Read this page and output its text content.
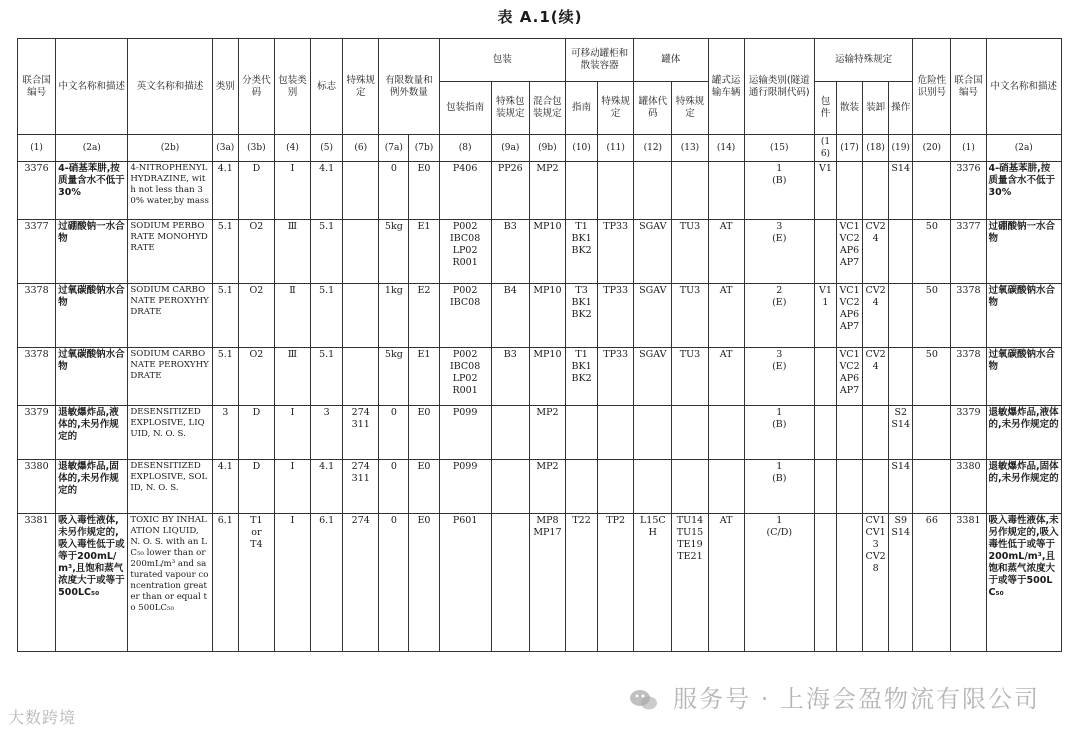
表 A.1(续)
联合国编号	中文名称和描述	英文名称和描述	类别	分类代码	包装类别	标志	特殊规定	有限数量和例外数量		包装			可移动罐柜和散装容器		罐体		罐式运输车辆	运输类别(隧道通行限制代码)	运输特殊规定				危险性识别号	联合国编号	中文名称和描述
										包装指南	特殊包装规定	混合包装规定	指南	特殊规定	罐体代码	特殊规定			包件	散装	装卸	操作			
(1)	(2a)	(2b)	(3a)	(3b)	(4)	(5)	(6)	(7a)	(7b)	(8)	(9a)	(9b)	(10)	(11)	(12)	(13)	(14)	(15)	(16)	(17)	(18)	(19)	(20)	(1)	(2a)
3376	4-硝基苯肼,按质量含水不低于30%	4-NITROPHENYLHYDRAZINE, with not less than 30% water,by mass	4.1	D	I	4.1		0	E0	P406	PP26	MP2						1
(B)	V1			S14		3376	4-硝基苯肼,按质量含水不低于30%
3377	过硼酸钠一水合物	SODIUM PERBORATE MONOHYDRATE	5.1	O2	Ⅲ	5.1		5kg	E1	P002
IBC08
LP02
R001	B3	MP10	T1
BK1
BK2	TP33	SGAV	TU3	AT	3
(E)		VC1
VC2
AP6
AP7	CV24		50	3377	过硼酸钠一水合物
3378	过氧碳酸钠水合物	SODIUM CARBONATE PEROXYHYDRATE	5.1	O2	Ⅱ	5.1		1kg	E2	P002
IBC08	B4	MP10	T3
BK1
BK2	TP33	SGAV	TU3	AT	2
(E)	V11	VC1
VC2
AP6
AP7	CV24		50	3378	过氧碳酸钠水合物
3378	过氧碳酸钠水合物	SODIUM CARBONATE PEROXYHYDRATE	5.1	O2	Ⅲ	5.1		5kg	E1	P002
IBC08
LP02
R001	B3	MP10	T1
BK1
BK2	TP33	SGAV	TU3	AT	3
(E)		VC1
VC2
AP6
AP7	CV24		50	3378	过氧碳酸钠水合物
3379	退敏爆炸品,液体的,未另作规定的	DESENSITIZED EXPLOSIVE, LIQUID, N. O. S.	3	D	I	3	274
311	0	E0	P099		MP2						1
(B)				S2
S14		3379	退敏爆炸品,液体的,未另作规定的
3380	退敏爆炸品,固体的,未另作规定的	DESENSITIZED EXPLOSIVE, SOLID, N. O. S.	4.1	D	I	4.1	274
311	0	E0	P099		MP2						1
(B)				S14		3380	退敏爆炸品,固体的,未另作规定的
3381	吸入毒性液体,未另作规定的,吸入毒性低于或等于200mL/m³,且饱和蒸气浓度大于或等于500LC₅₀	TOXIC BY INHALATION LIQUID, N. O. S. with an LC₅₀ lower than or 200mL/m³ and saturated vapour concentration greater than or equal to 500LC₅₀	6.1	T1
or
T4	I	6.1	274	0	E0	P601		MP8
MP17	T22	TP2	L15CH	TU14
TU15
TE19
TE21	AT	1
(C/D)			CV1
CV13
CV28	S9
S14	66	3381	吸入毒性液体,未另作规定的,吸入毒性低于或等于200mL/m³,且饱和蒸气浓度大于或等于500LC₅₀
大数跨境
服务号 · 上海会盈物流有限公司
